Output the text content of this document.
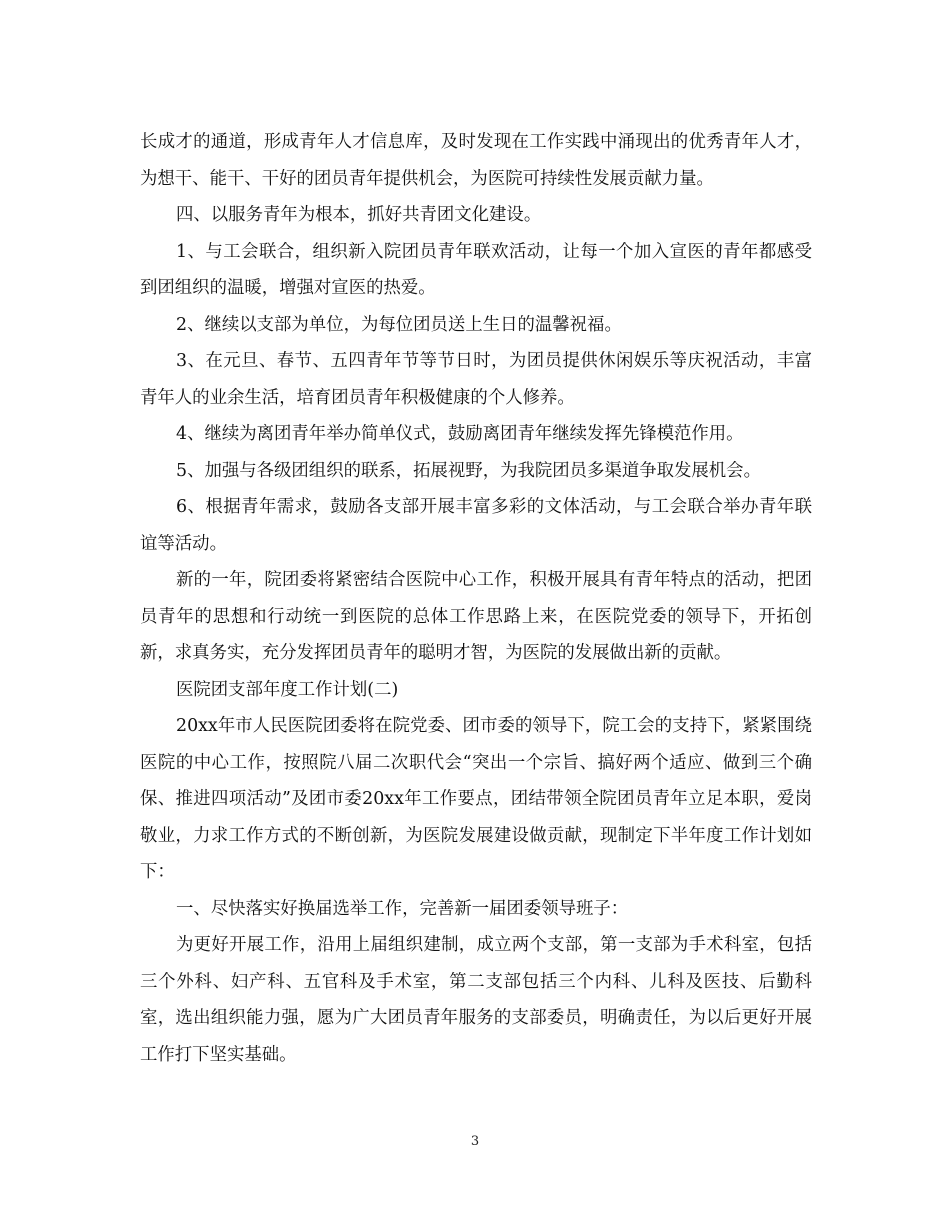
长成才的通道，形成青年人才信息库，及时发现在工作实践中涌现出的优秀青年人才，为想干、能干、干好的团员青年提供机会，为医院可持续性发展贡献力量。

四、以服务青年为根本，抓好共青团文化建设。

1、与工会联合，组织新入院团员青年联欢活动，让每一个加入宣医的青年都感受到团组织的温暖，增强对宣医的热爱。

2、继续以支部为单位，为每位团员送上生日的温馨祝福。

3、在元旦、春节、五四青年节等节日时，为团员提供休闲娱乐等庆祝活动，丰富青年人的业余生活，培育团员青年积极健康的个人修养。

4、继续为离团青年举办简单仪式，鼓励离团青年继续发挥先锋模范作用。

5、加强与各级团组织的联系，拓展视野，为我院团员多渠道争取发展机会。

6、根据青年需求，鼓励各支部开展丰富多彩的文体活动，与工会联合举办青年联谊等活动。

新的一年，院团委将紧密结合医院中心工作，积极开展具有青年特点的活动，把团员青年的思想和行动统一到医院的总体工作思路上来，在医院党委的领导下，开拓创新，求真务实，充分发挥团员青年的聪明才智，为医院的发展做出新的贡献。

医院团支部年度工作计划(二)

20xx年市人民医院团委将在院党委、团市委的领导下，院工会的支持下，紧紧围绕医院的中心工作，按照院八届二次职代会“突出一个宗旨、搞好两个适应、做到三个确保、推进四项活动”及团市委20xx年工作要点，团结带领全院团员青年立足本职，爱岗敬业，力求工作方式的不断创新，为医院发展建设做贡献，现制定下半年度工作计划如下：

一、尽快落实好换届选举工作，完善新一届团委领导班子：

为更好开展工作，沿用上届组织建制，成立两个支部，第一支部为手术科室，包括三个外科、妇产科、五官科及手术室，第二支部包括三个内科、儿科及医技、后勤科室，选出组织能力强，愿为广大团员青年服务的支部委员，明确责任，为以后更好开展工作打下坚实基础。

3
